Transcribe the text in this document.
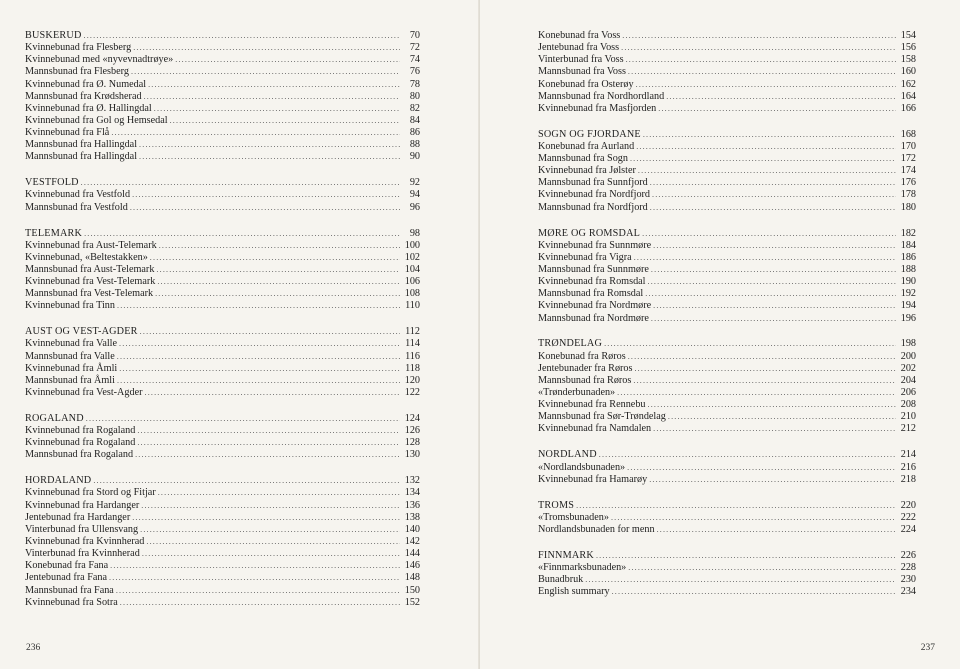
BUSKERUD .....	70
Kvinnebunad fra Flesberg .....	72
Kvinnebunad med «nyvevnadtrøye» .....	74
Mannsbunad fra Flesberg .....	76
Kvinnebunad fra Ø. Numedal .....	78
Mannsbunad fra Krødsherad .....	80
Kvinnebunad fra Ø. Hallingdal .....	82
Kvinnebunad fra Gol og Hemsedal .....	84
Kvinnebunad fra Flå .....	86
Mannsbunad fra Hallingdal .....	88
Mannsbunad fra Hallingdal .....	90
VESTFOLD .....	92
Kvinnebunad fra Vestfold .....	94
Mannsbunad fra Vestfold .....	96
TELEMARK .....	98
Kvinnebunad fra Aust-Telemark .....	100
Kvinnebunad, «Beltestakken» .....	102
Mannsbunad fra Aust-Telemark .....	104
Kvinnebunad fra Vest-Telemark .....	106
Mannsbunad fra Vest-Telemark .....	108
Kvinnebunad fra Tinn .....	110
AUST OG VEST-AGDER .....	112
Kvinnebunad fra Valle .....	114
Mannsbunad fra Valle .....	116
Kvinnebunad fra Åmli .....	118
Mannsbunad fra Åmli .....	120
Kvinnebunad fra Vest-Agder .....	122
ROGALAND .....	124
Kvinnebunad fra Rogaland .....	126
Kvinnebunad fra Rogaland .....	128
Mannsbunad fra Rogaland .....	130
HORDALAND .....	132
Kvinnebunad fra Stord og Fitjar .....	134
Kvinnebunad fra Hardanger .....	136
Jentebunad fra Hardanger .....	138
Vinterbunad fra Ullensvang .....	140
Kvinnebunad fra Kvinnherad .....	142
Vinterbunad fra Kvinnherad .....	144
Konebunad fra Fana .....	146
Jentebunad fra Fana .....	148
Mannsbunad fra Fana .....	150
Kvinnebunad fra Sotra .....	152
236
Konebunad fra Voss .....	154
Jentebunad fra Voss .....	156
Vinterbunad fra Voss .....	158
Mannsbunad fra Voss .....	160
Konebunad fra Osterøy .....	162
Mannsbunad fra Nordhordland .....	164
Kvinnebunad fra Masfjorden .....	166
SOGN OG FJORDANE .....	168
Konebunad fra Aurland .....	170
Mannsbunad fra Sogn .....	172
Kvinnebunad fra Jølster .....	174
Mannsbunad fra Sunnfjord .....	176
Kvinnebunad fra Nordfjord .....	178
Mannsbunad fra Nordfjord .....	180
MØRE OG ROMSDAL .....	182
Kvinnebunad fra Sunnmøre .....	184
Kvinnebunad fra Vigra .....	186
Mannsbunad fra Sunnmøre .....	188
Kvinnebunad fra Romsdal .....	190
Mannsbunad fra Romsdal .....	192
Kvinnebunad fra Nordmøre .....	194
Mannsbunad fra Nordmøre .....	196
TRØNDELAG .....	198
Konebunad fra Røros .....	200
Jentebunader fra Røros .....	202
Mannsbunad fra Røros .....	204
«Trønderbunaden» .....	206
Kvinnebunad fra Rennebu .....	208
Mannsbunad fra Sør-Trøndelag .....	210
Kvinnebunad fra Namdalen .....	212
NORDLAND .....	214
«Nordlandsbunaden» .....	216
Kvinnebunad fra Hamarøy .....	218
TROMS .....	220
«Tromsbunaden» .....	222
Nordlandsbunaden for menn .....	224
FINNMARK .....	226
«Finnmarksbunaden» .....	228
Bunadbruk .....	230
English summary .....	234
237
